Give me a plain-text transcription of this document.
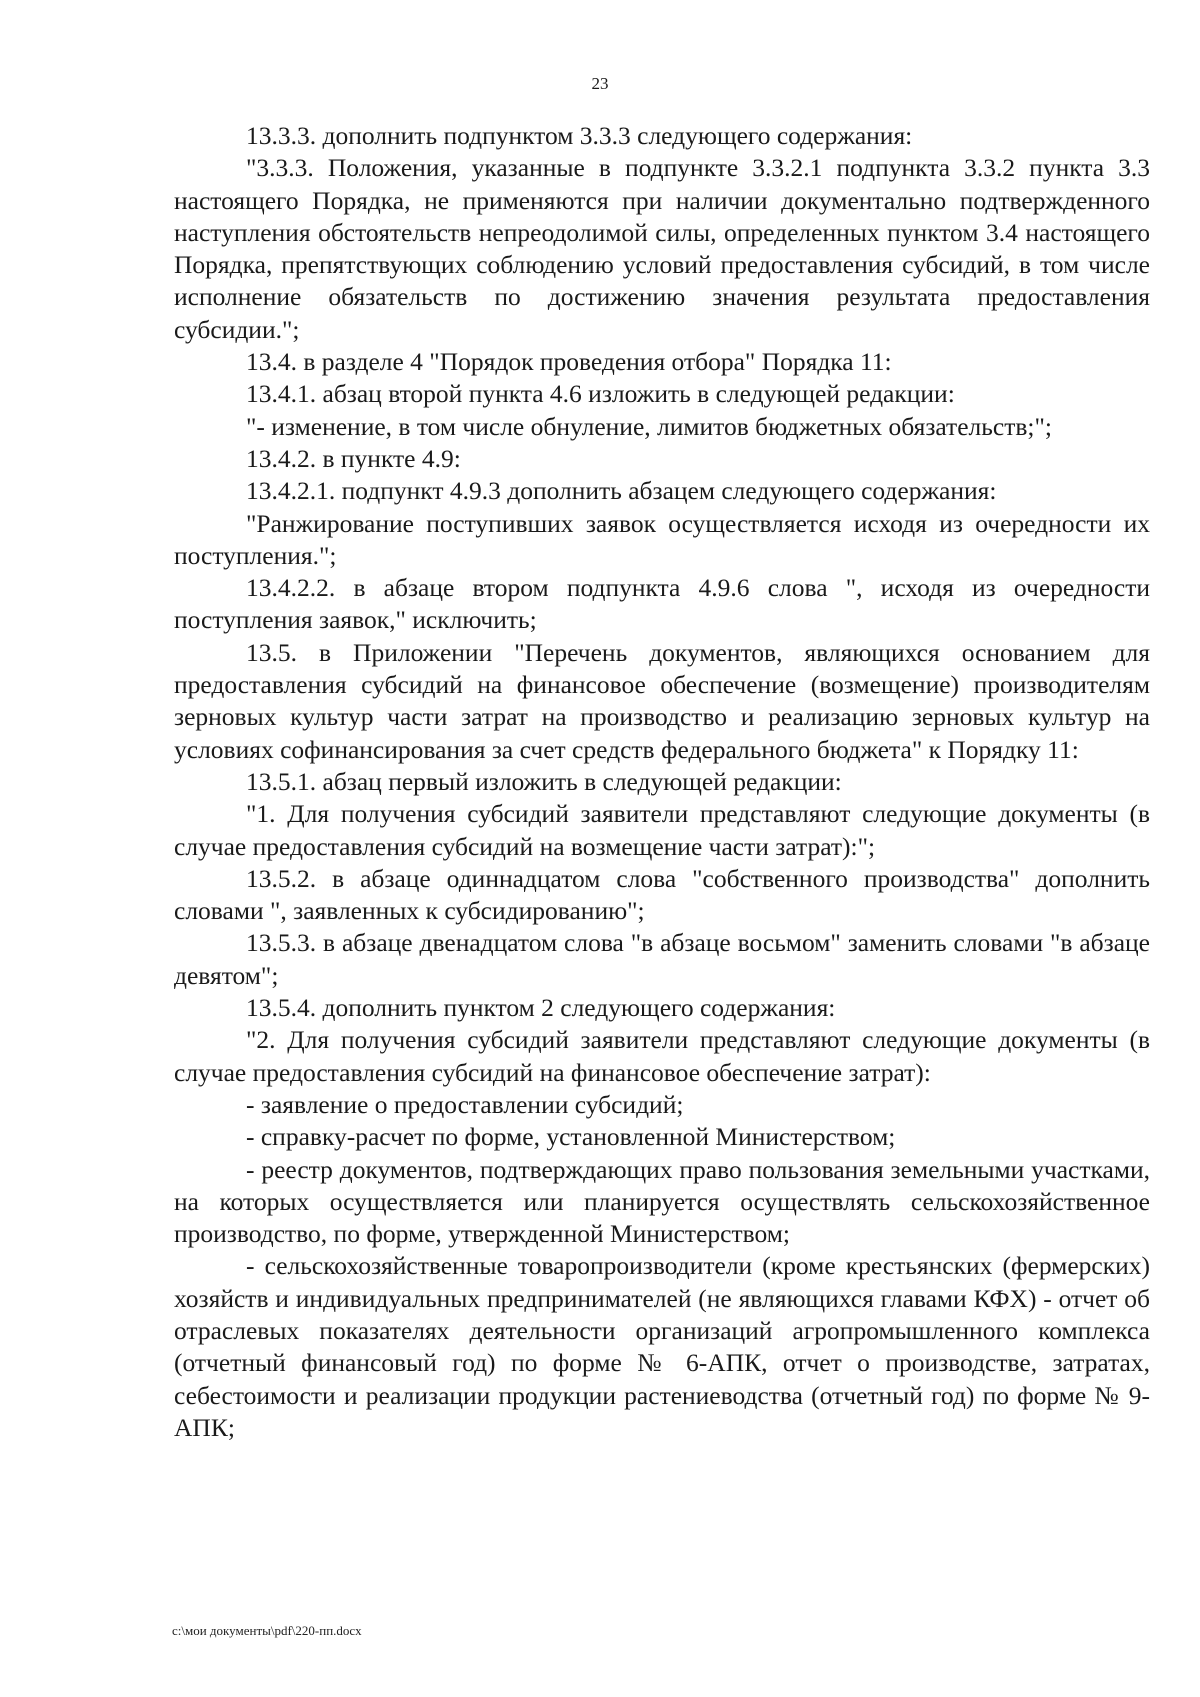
23

13.3.3. дополнить подпунктом 3.3.3 следующего содержания:

"3.3.3. Положения, указанные в подпункте 3.3.2.1 подпункта 3.3.2 пункта 3.3 настоящего Порядка, не применяются при наличии документально подтвержденного наступления обстоятельств непреодолимой силы, определенных пунктом 3.4 настоящего Порядка, препятствующих соблюдению условий предоставления субсидий, в том числе исполнение обязательств по достижению значения результата предоставления субсидии.";

13.4. в разделе 4 "Порядок проведения отбора" Порядка 11:

13.4.1. абзац второй пункта 4.6 изложить в следующей редакции:

"- изменение, в том числе обнуление, лимитов бюджетных обязательств;";

13.4.2. в пункте 4.9:

13.4.2.1. подпункт 4.9.3 дополнить абзацем следующего содержания:

"Ранжирование поступивших заявок осуществляется исходя из очередности их поступления.";

13.4.2.2. в абзаце втором подпункта 4.9.6 слова ", исходя из очередности поступления заявок," исключить;

13.5. в Приложении "Перечень документов, являющихся основанием для предоставления субсидий на финансовое обеспечение (возмещение) производителям зерновых культур части затрат на производство и реализацию зерновых культур на условиях софинансирования за счет средств федерального бюджета" к Порядку 11:

13.5.1. абзац первый изложить в следующей редакции:

"1. Для получения субсидий заявители представляют следующие документы (в случае предоставления субсидий на возмещение части затрат):";

13.5.2. в абзаце одиннадцатом слова "собственного производства" дополнить словами ", заявленных к субсидированию";

13.5.3. в абзаце двенадцатом слова "в абзаце восьмом" заменить словами "в абзаце девятом";

13.5.4. дополнить пунктом 2 следующего содержания:

"2. Для получения субсидий заявители представляют следующие документы (в случае предоставления субсидий на финансовое обеспечение затрат):

- заявление о предоставлении субсидий;

- справку-расчет по форме, установленной Министерством;

- реестр документов, подтверждающих право пользования земельными участками, на которых осуществляется или планируется осуществлять сельскохозяйственное производство, по форме, утвержденной Министерством;

- сельскохозяйственные товаропроизводители (кроме крестьянских (фермерских) хозяйств и индивидуальных предпринимателей (не являющихся главами КФХ) - отчет об отраслевых показателях деятельности организаций агропромышленного комплекса (отчетный финансовый год) по форме № 6-АПК, отчет о производстве, затратах, себестоимости и реализации продукции растениеводства (отчетный год) по форме № 9-АПК;

c:\мои документы\pdf\220-пп.docx
